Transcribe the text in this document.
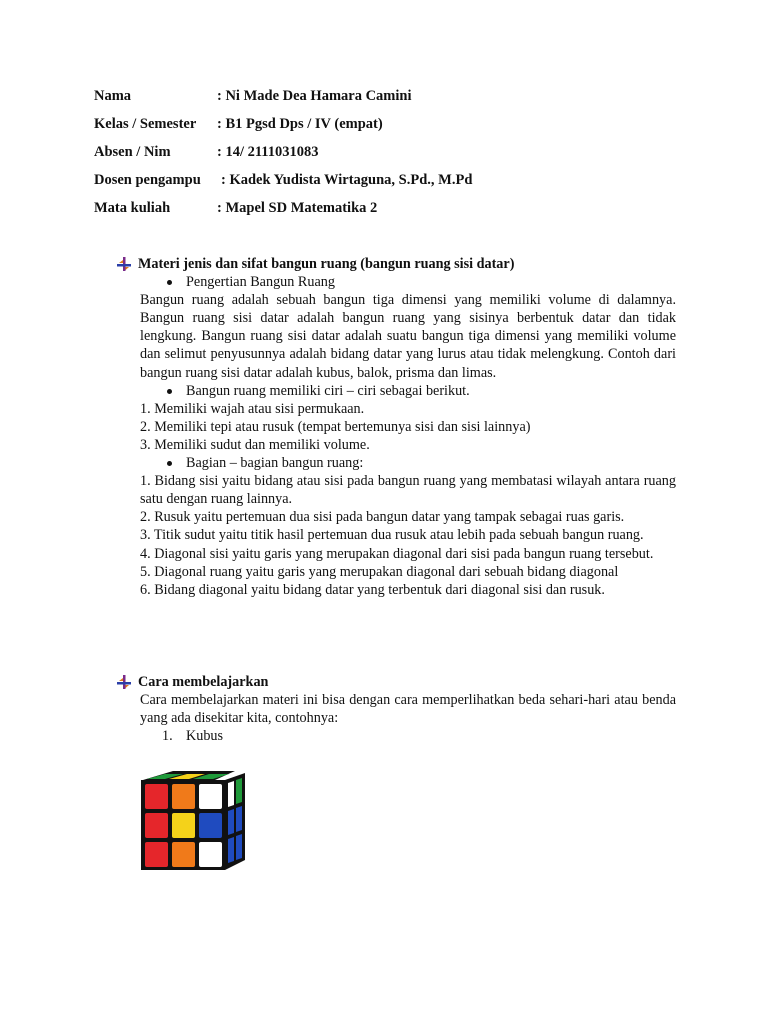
Nama	: Ni Made Dea Hamara Camini
Kelas / Semester : B1 Pgsd Dps / IV (empat)
Absen / Nim	: 14/ 2111031083
Dosen pengampu : Kadek Yudista Wirtaguna, S.Pd., M.Pd
Mata kuliah	: Mapel SD Matematika 2
Materi jenis dan sifat bangun ruang (bangun ruang sisi datar)
Pengertian Bangun Ruang
Bangun ruang adalah sebuah bangun tiga dimensi yang memiliki volume di dalamnya. Bangun ruang sisi datar adalah bangun ruang yang sisinya berbentuk datar dan tidak lengkung. Bangun ruang sisi datar adalah suatu bangun tiga dimensi yang memiliki volume dan selimut penyusunnya adalah bidang datar yang lurus atau tidak melengkung. Contoh dari bangun ruang sisi datar adalah kubus, balok, prisma dan limas.
Bangun ruang memiliki ciri – ciri sebagai berikut.
1. Memiliki wajah atau sisi permukaan.
2. Memiliki tepi atau rusuk (tempat bertemunya sisi dan sisi lainnya)
3. Memiliki sudut dan memiliki volume.
Bagian – bagian bangun ruang:
1. Bidang sisi yaitu bidang atau sisi pada bangun ruang yang membatasi wilayah antara ruang satu dengan ruang lainnya.
2. Rusuk yaitu pertemuan dua sisi pada bangun datar yang tampak sebagai ruas garis.
3. Titik sudut yaitu titik hasil pertemuan dua rusuk atau lebih pada sebuah bangun ruang.
4. Diagonal sisi yaitu garis yang merupakan diagonal dari sisi pada bangun ruang tersebut.
5. Diagonal ruang yaitu garis yang merupakan diagonal dari sebuah bidang diagonal
6. Bidang diagonal yaitu bidang datar yang terbentuk dari diagonal sisi dan rusuk.
Cara membelajarkan
Cara membelajarkan materi ini bisa dengan cara memperlihatkan beda sehari-hari atau benda yang ada disekitar kita, contohnya:
1. Kubus
